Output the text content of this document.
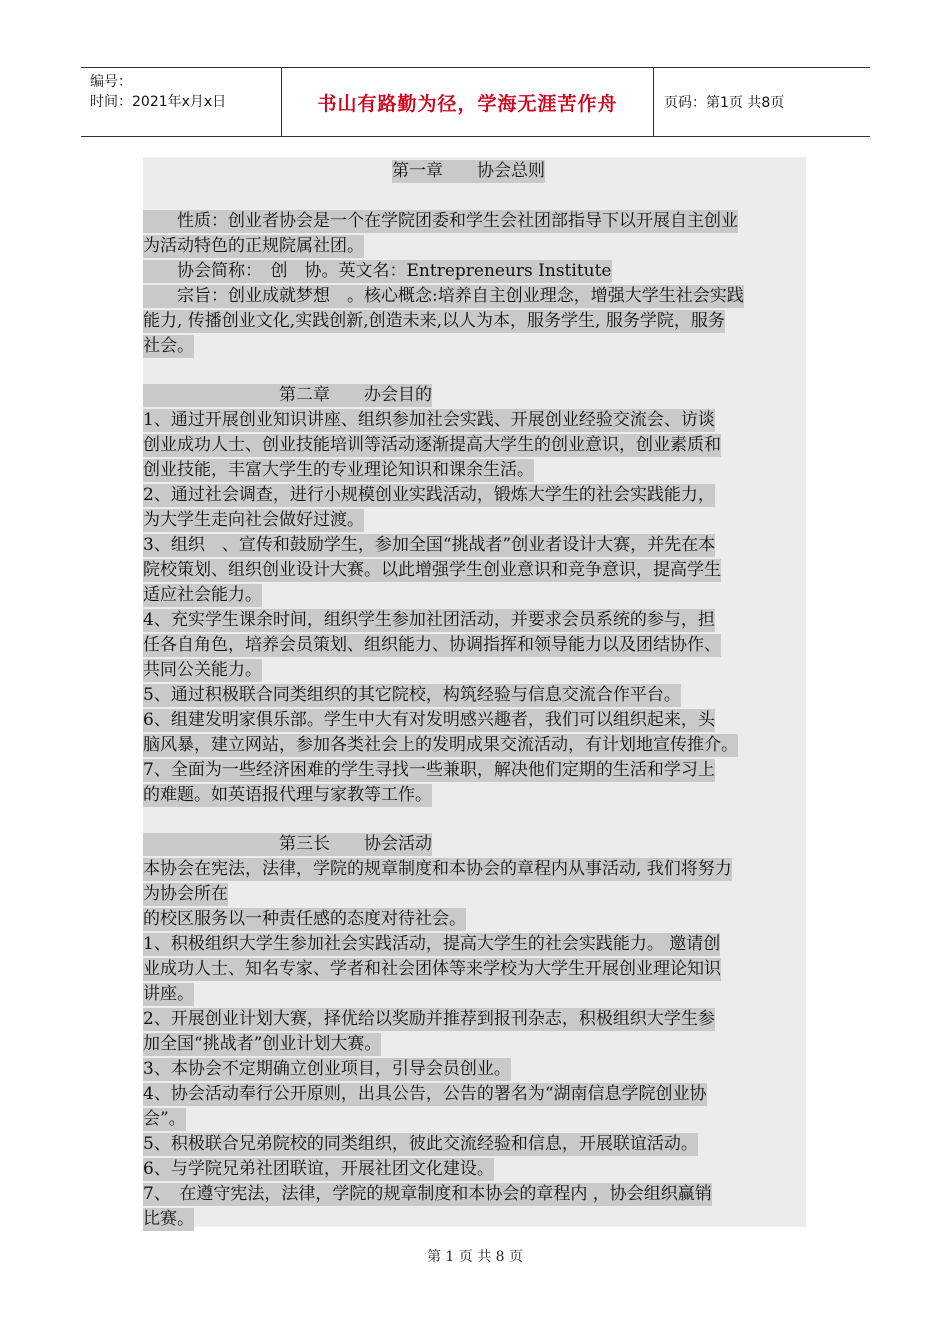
编号：
时间：2021年x月x日	书山有路勤为径，学海无涯苦作舟	页码：第1页 共8页
第一章　　协会总则
　　性质：创业者协会是一个在学院团委和学生会社团部指导下以开展自主创业
为活动特色的正规院属社团。
　　协会简称：　创　协。英文名：Entrepreneurs Institute
　　宗旨：创业成就梦想　。核心概念:培养自主创业理念，增强大学生社会实践
能力, 传播创业文化,实践创新,创造未来,以人为本，服务学生, 服务学院，服务
社会。
　　　　　　　　第二章　　办会目的
1、通过开展创业知识讲座、组织参加社会实践、开展创业经验交流会、访谈
创业成功人士、创业技能培训等活动逐渐提高大学生的创业意识，创业素质和
创业技能，丰富大学生的专业理论知识和课余生活。
2、通过社会调查，进行小规模创业实践活动，锻炼大学生的社会实践能力，
为大学生走向社会做好过渡。
3、组织　、宣传和鼓励学生，参加全国“挑战者”创业者设计大赛，并先在本
院校策划、组织创业设计大赛。以此增强学生创业意识和竞争意识，提高学生
适应社会能力。
4、充实学生课余时间，组织学生参加社团活动，并要求会员系统的参与，担
任各自角色，培养会员策划、组织能力、协调指挥和领导能力以及团结协作、
共同公关能力。
5、通过积极联合同类组织的其它院校，构筑经验与信息交流合作平台。
6、组建发明家俱乐部。学生中大有对发明感兴趣者，我们可以组织起来，头
脑风暴，建立网站，参加各类社会上的发明成果交流活动，有计划地宣传推介。
7、全面为一些经济困难的学生寻找一些兼职，解决他们定期的生活和学习上
的难题。如英语报代理与家教等工作。
　　　　　　　　第三长　　协会活动
本协会在宪法，法律，学院的规章制度和本协会的章程内从事活动, 我们将努力
为协会所在
的校区服务以一种责任感的态度对待社会。
1、积极组织大学生参加社会实践活动，提高大学生的社会实践能力。 邀请创
业成功人士、知名专家、学者和社会团体等来学校为大学生开展创业理论知识
讲座。
2、开展创业计划大赛，择优给以奖励并推荐到报刊杂志，积极组织大学生参
加全国“挑战者”创业计划大赛。
3、本协会不定期确立创业项目，引导会员创业。
4、协会活动奉行公开原则，出具公告，公告的署名为“湖南信息学院创业协
会”。
5、积极联合兄弟院校的同类组织，彼此交流经验和信息，开展联谊活动。
6、与学院兄弟社团联谊，开展社团文化建设。
7、　在遵守宪法，法律，学院的规章制度和本协会的章程内 ，协会组织赢销
比赛。
第 1 页 共 8 页
